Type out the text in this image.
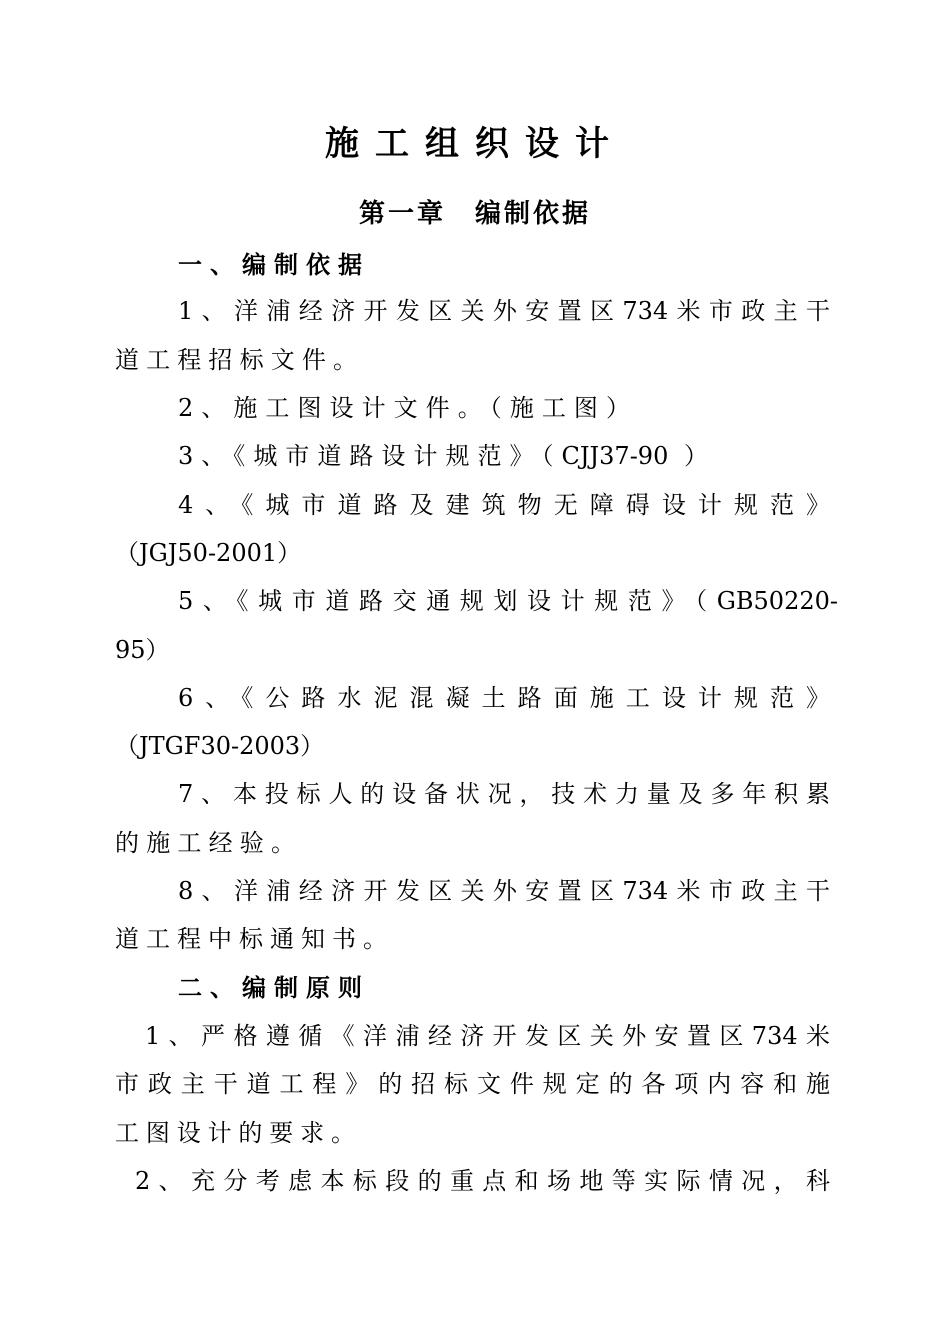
施工组织设计
第一章　编制依据
一、编制依据
1、洋浦经济开发区关外安置区734米市政主干
道工程招标文件。
2、施工图设计文件。（施工图）
3、《城市道路设计规范》（CJJ37-90 ）
4、《城市道路及建筑物无障碍设计规范》
（JGJ50-2001）
5、《城市道路交通规划设计规范》（GB50220-
95）
6、《公路水泥混凝土路面施工设计规范》
（JTGF30-2003）
7、本投标人的设备状况，技术力量及多年积累
的施工经验。
8、洋浦经济开发区关外安置区734米市政主干
道工程中标通知书。
二、编制原则
1、严格遵循《洋浦经济开发区关外安置区734米
市政主干道工程》的招标文件规定的各项内容和施
工图设计的要求。
2、充分考虑本标段的重点和场地等实际情况，科
